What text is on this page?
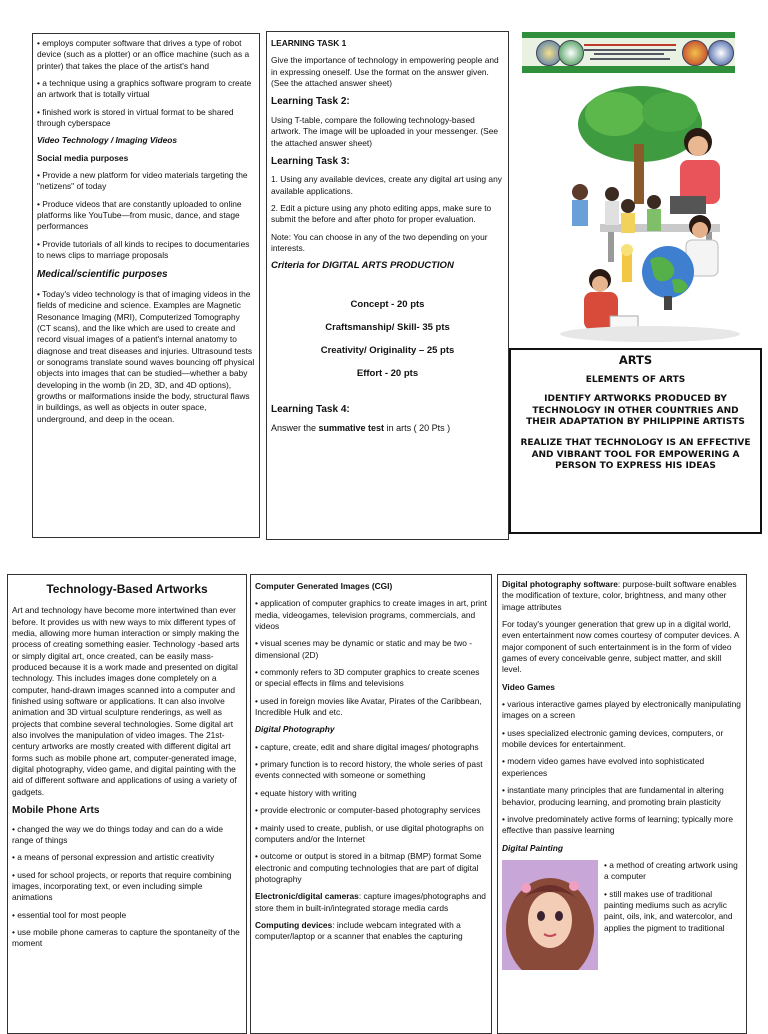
• employs computer software that drives a type of robot device (such as a plotter) or an office machine (such as a printer) that takes the place of the artist's hand

• a technique using a graphics software program to create an artwork that is totally virtual

• finished work is stored in virtual format to be shared through cyberspace

Video Technology / Imaging Videos
Social media purposes

• Provide a new platform for video materials targeting the "netizens" of today

• Produce videos that are constantly uploaded to online platforms like YouTube—from music, dance, and stage performances

• Provide tutorials of all kinds to recipes to documentaries to news clips to marriage proposals

Medical/scientific purposes

• Today's video technology is that of imaging videos in the fields of medicine and science. Examples are Magnetic Resonance Imaging (MRI), Computerized Tomography (CT scans), and the like which are used to create and record visual images of a patient's internal anatomy to diagnose and treat diseases and injuries. Ultrasound tests or sonograms translate sound waves bouncing off physical objects into images that can be studied—whether a baby developing in the womb (in 2D, 3D, and 4D options), growths or malformations inside the body, structural flaws in buildings, as well as objects in outer space, underground, and deep in the ocean.

LEARNING TASK 1

Give the importance of technology in empowering people and in expressing oneself. Use the format on the answer given. (See the attached answer sheet)

Learning Task 2:

Using T-table, compare the following technology-based artwork. The image will be uploaded in your messenger. (See the attached answer sheet)

Learning Task 3:

1. Using any available devices, create any digital art using any available applications.

2. Edit a picture using any photo editing apps, make sure to submit the before and after photo for proper evaluation.

Note: You can choose in any of the two depending on your interests.

Criteria for DIGITAL ARTS PRODUCTION

Concept - 20 pts

Craftsmanship/ Skill- 35 pts

Creativity/ Originality – 25 pts

Effort - 20 pts

Learning Task 4:

Answer the summative test in arts ( 20 Pts )

ARTS
ELEMENTS OF ARTS
IDENTIFY ARTWORKS PRODUCED BY TECHNOLOGY IN OTHER COUNTRIES AND THEIR ADAPTATION BY PHILIPPINE ARTISTS
REALIZE THAT TECHNOLOGY IS AN EFFECTIVE AND VIBRANT TOOL FOR EMPOWERING A PERSON TO EXPRESS HIS IDEAS
Technology-Based Artworks

Art and technology have become more intertwined than ever before. It provides us with new ways to mix different types of media, allowing more human interaction or simply making the process of creating something easier. Technology -based arts or simply digital art, once created, can be easily mass-produced because it is a work made and presented on digital technology. This includes images done completely on a computer, hand-drawn images scanned into a computer and finished using software or applications. It can also involve animation and 3D virtual sculpture renderings, as well as projects that combine several technologies. Some digital art also involves the manipulation of video images. The 21st-century artworks are mostly created with different digital art forms such as mobile phone art, computer-generated image, digital photography, video game, and digital painting with the aid of different software and applications of using a variety of gadgets.

Mobile Phone Arts

• changed the way we do things today and can do a wide range of things

• a means of personal expression and artistic creativity

• used for school projects, or reports that require combining images, incorporating text, or even including simple animations

• essential tool for most people

• use mobile phone cameras to capture the spontaneity of the moment

Computer Generated Images (CGI)

• application of computer graphics to create images in art, print media, videogames, television programs, commercials, and videos

• visual scenes may be dynamic or static and may be two -dimensional (2D)

• commonly refers to 3D computer graphics to create scenes or special effects in films and televisions

• used in foreign movies like Avatar, Pirates of the Caribbean, Incredible Hulk and etc.

Digital Photography

• capture, create, edit and share digital images/ photographs

• primary function is to record history, the whole series of past events connected with someone or something

• equate history with writing

• provide electronic or computer-based photography services

• mainly used to create, publish, or use digital photographs on computers and/or the Internet

• outcome or output is stored in a bitmap (BMP) format Some electronic and computing technologies that are part of digital photography

Electronic/digital cameras: capture images/photographs and store them in built-in/integrated storage media cards

Computing devices: include webcam integrated with a computer/laptop or a scanner that enables the capturing

Digital photography software: purpose-built software enables the modification of texture, color, brightness, and many other image attributes

For today's younger generation that grew up in a digital world, even entertainment now comes courtesy of computer devices. A major component of such entertainment is in the form of video games of every conceivable genre, subject matter, and skill level.

Video Games

• various interactive games played by electronically manipulating images on a screen

• uses specialized electronic gaming devices, computers, or mobile devices for entertainment.

• modern video games have evolved into sophisticated experiences

• instantiate many principles that are fundamental in altering behavior, producing learning, and promoting brain plasticity

• involve predominately active forms of learning; typically more effective than passive learning

Digital Painting

• a method of creating artwork using a computer

• still makes use of traditional painting mediums such as acrylic paint, oils, ink, and watercolor, and applies the pigment to traditional
